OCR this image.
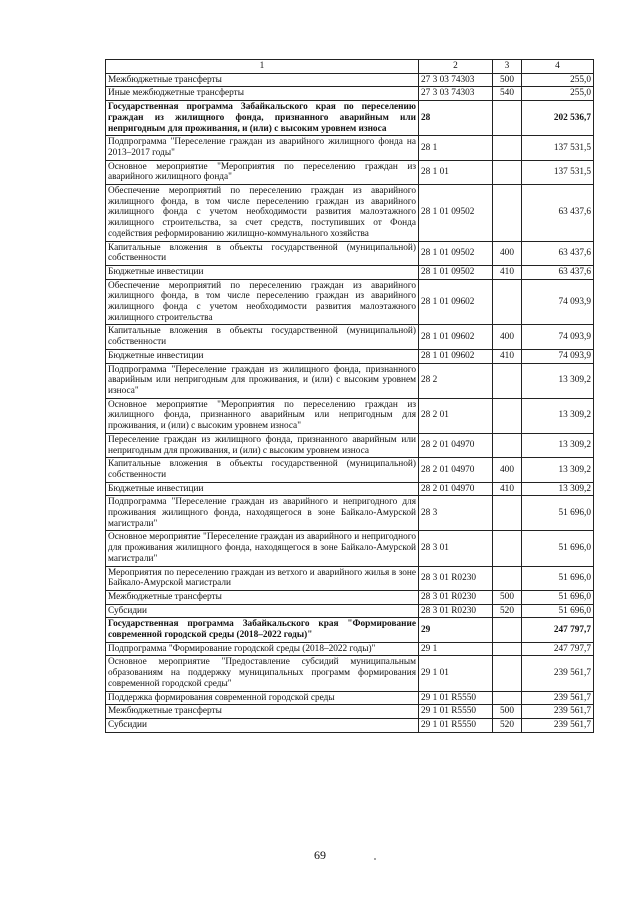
1	2	3	4
Межбюджетные трансферты	27 3 03 74303	500	255,0
Иные межбюджетные трансферты	27 3 03 74303	540	255,0
Государственная программа Забайкальского края по переселению граждан из жилищного фонда, признанного аварийным или непригодным для проживания, и (или) с высоким уровнем износа	28		202 536,7
Подпрограмма "Переселение граждан из аварийного жилищного фонда на 2013–2017 годы"	28 1		137 531,5
Основное мероприятие "Мероприятия по переселению граждан из аварийного жилищного фонда"	28 1 01		137 531,5
Обеспечение мероприятий по переселению граждан из аварийного жилищного фонда, в том числе переселению граждан из аварийного жилищного фонда с учетом необходимости развития малоэтажного жилищного строительства, за счет средств, поступивших от Фонда содействия реформированию жилищно-коммунального хозяйства	28 1 01 09502		63 437,6
Капитальные вложения в объекты государственной (муниципальной) собственности	28 1 01 09502	400	63 437,6
Бюджетные инвестиции	28 1 01 09502	410	63 437,6
Обеспечение мероприятий по переселению граждан из аварийного жилищного фонда, в том числе переселению граждан из аварийного жилищного фонда с учетом необходимости развития малоэтажного жилищного строительства	28 1 01 09602		74 093,9
Капитальные вложения в объекты государственной (муниципальной) собственности	28 1 01 09602	400	74 093,9
Бюджетные инвестиции	28 1 01 09602	410	74 093,9
Подпрограмма "Переселение граждан из жилищного фонда, признанного аварийным или непригодным для проживания, и (или) с высоким уровнем износа"	28 2		13 309,2
Основное мероприятие "Мероприятия по переселению граждан из жилищного фонда, признанного аварийным или непригодным для проживания, и (или) с высоким уровнем износа"	28 2 01		13 309,2
Переселение граждан из жилищного фонда, признанного аварийным или непригодным для проживания, и (или) с высоким уровнем износа	28 2 01 04970		13 309,2
Капитальные вложения в объекты государственной (муниципальной) собственности	28 2 01 04970	400	13 309,2
Бюджетные инвестиции	28 2 01 04970	410	13 309,2
Подпрограмма "Переселение граждан из аварийного и непригодного для проживания жилищного фонда, находящегося в зоне Байкало-Амурской магистрали"	28 3		51 696,0
Основное мероприятие "Переселение граждан из аварийного и непригодного для проживания жилищного фонда, находящегося в зоне Байкало-Амурской магистрали"	28 3 01		51 696,0
Мероприятия по переселению граждан из ветхого и аварийного жилья в зоне Байкало-Амурской магистрали	28 3 01 R0230		51 696,0
Межбюджетные трансферты	28 3 01 R0230	500	51 696,0
Субсидии	28 3 01 R0230	520	51 696,0
Государственная программа Забайкальского края "Формирование современной городской среды (2018–2022 годы)"	29		247 797,7
Подпрограмма "Формирование городской среды (2018–2022 годы)"	29 1		247 797,7
Основное мероприятие "Предоставление субсидий муниципальным образованиям на поддержку муниципальных программ формирования современной городской среды"	29 1 01		239 561,7
Поддержка формирования современной городской среды	29 1 01 R5550		239 561,7
Межбюджетные трансферты	29 1 01 R5550	500	239 561,7
Субсидии	29 1 01 R5550	520	239 561,7
69
